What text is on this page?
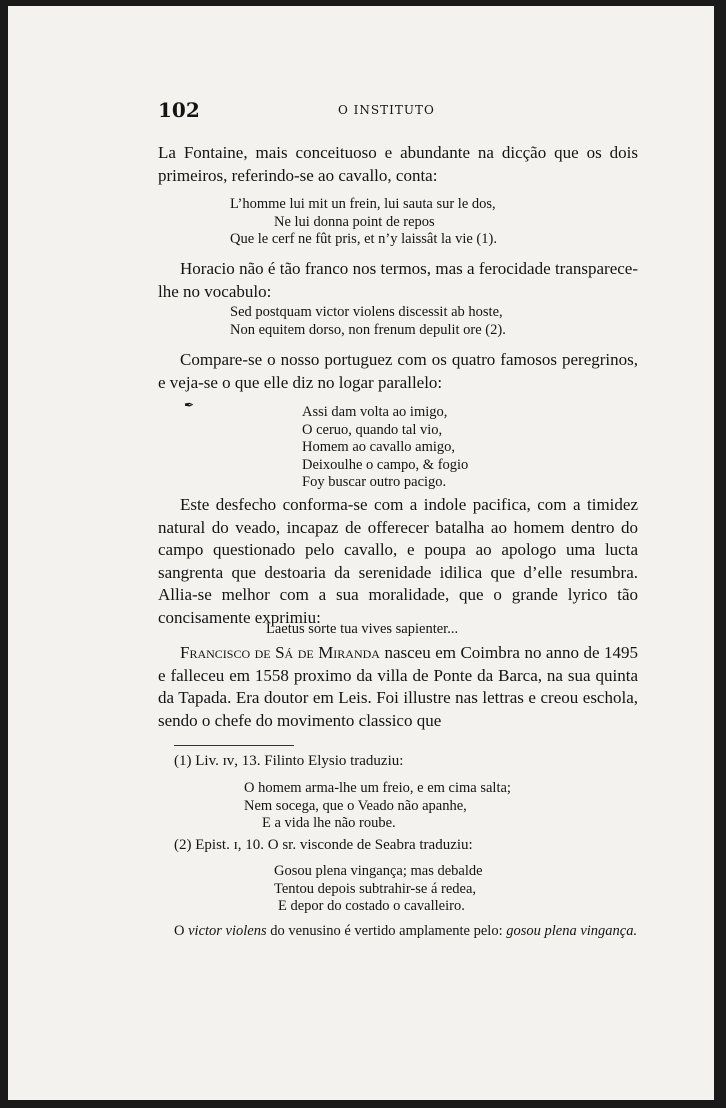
102	O INSTITUTO

La Fontaine, mais conceituoso e abundante na dicção que os dois primeiros, referindo-se ao cavallo, conta:

L’homme lui mit un frein, lui sauta sur le dos,
Ne lui donna point de repos
Que le cerf ne fût pris, et n’y laissât la vie (1).

Horacio não é tão franco nos termos, mas a ferocidade transparece-lhe no vocabulo:

Sed postquam victor violens discessit ab hoste,
Non equitem dorso, non frenum depulit ore (2).

Compare-se o nosso portuguez com os quatro famosos peregrinos, e veja-se o que elle diz no logar parallelo:

✒	Assi dam volta ao imigo,
O ceruo, quando tal vio,
Homem ao cavallo amigo,
Deixoulhe o campo, & fogio
Foy buscar outro pacigo.

Este desfecho conforma-se com a indole pacifica, com a timidez natural do veado, incapaz de offerecer batalha ao homem dentro do campo questionado pelo cavallo, e poupa ao apologo uma lucta sangrenta que destoaria da serenidade idilica que d’elle resumbra. Allia-se melhor com a sua moralidade, que o grande lyrico tão concisamente exprimiu:

Laetus sorte tua vives sapienter...

Francisco de Sá de Miranda nasceu em Coimbra no anno de 1495 e falleceu em 1558 proximo da villa de Ponte da Barca, na sua quinta da Tapada. Era doutor em Leis. Foi illustre nas lettras e creou eschola, sendo o chefe do movimento classico que

(1) Liv. ɪᴠ, 13. Filinto Elysio traduziu:
O homem arma-lhe um freio, e em cima salta;
Nem socega, que o Veado não apanhe,
E a vida lhe não roube.
(2) Epist. ɪ, 10. O sr. visconde de Seabra traduziu:
Gosou plena vingança; mas debalde
Tentou depois subtrahir-se á redea,
E depor do costado o cavalleiro.
O victor violens do venusino é vertido amplamente pelo: gosou plena vingança.
